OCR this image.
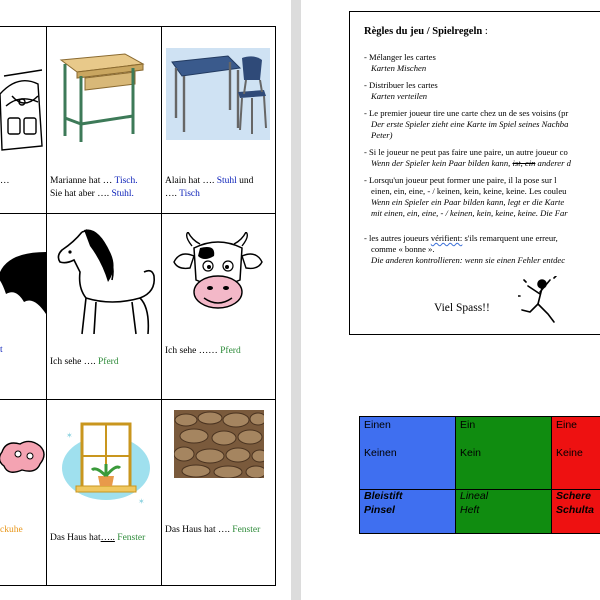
…	Marianne hat … Tisch.
Sie hat aber …. Stuhl.
Alain hat …. Stuhl und
…. Tisch
t
Ich sehe …. Pferd
Ich sehe …… Pferd
ckuhe
✶
✶
Das Haus hat….. Fenster
Das Haus hat …. Fenster
Règles du jeu / Spielregeln :
- Mélanger les cartes
Karten Mischen
- Distribuer les cartes
Karten verteilen
- Le premier joueur tire une carte chez un de ses voisins (pr
Der erste Spieler zieht eine Karte im Spiel seines Nachba
Peter)
- Si le joueur ne peut pas faire une paire, un autre joueur co
Wenn der Spieler kein Paar bilden kann, ist, ein anderer d
- Lorsqu'un joueur peut former une paire, il la pose sur l
einen, ein, eine, - / keinen, kein, keine, keine. Les couleu
Wenn ein Spieler ein Paar bilden kann, legt er die Karte
mit einen, ein, eine, - / keinen, kein, keine, keine. Die Far
- les autres joueurs vérifient: s'ils remarquent une erreur,
comme « bonne ».
Die anderen kontrollieren: wenn sie einen Fehler entdec
Viel Spass!!
Einen
Keinen
Ein
Kein
Eine
Keine
Bleistift
Pinsel
Lineal
Heft
Schere
Schulta
